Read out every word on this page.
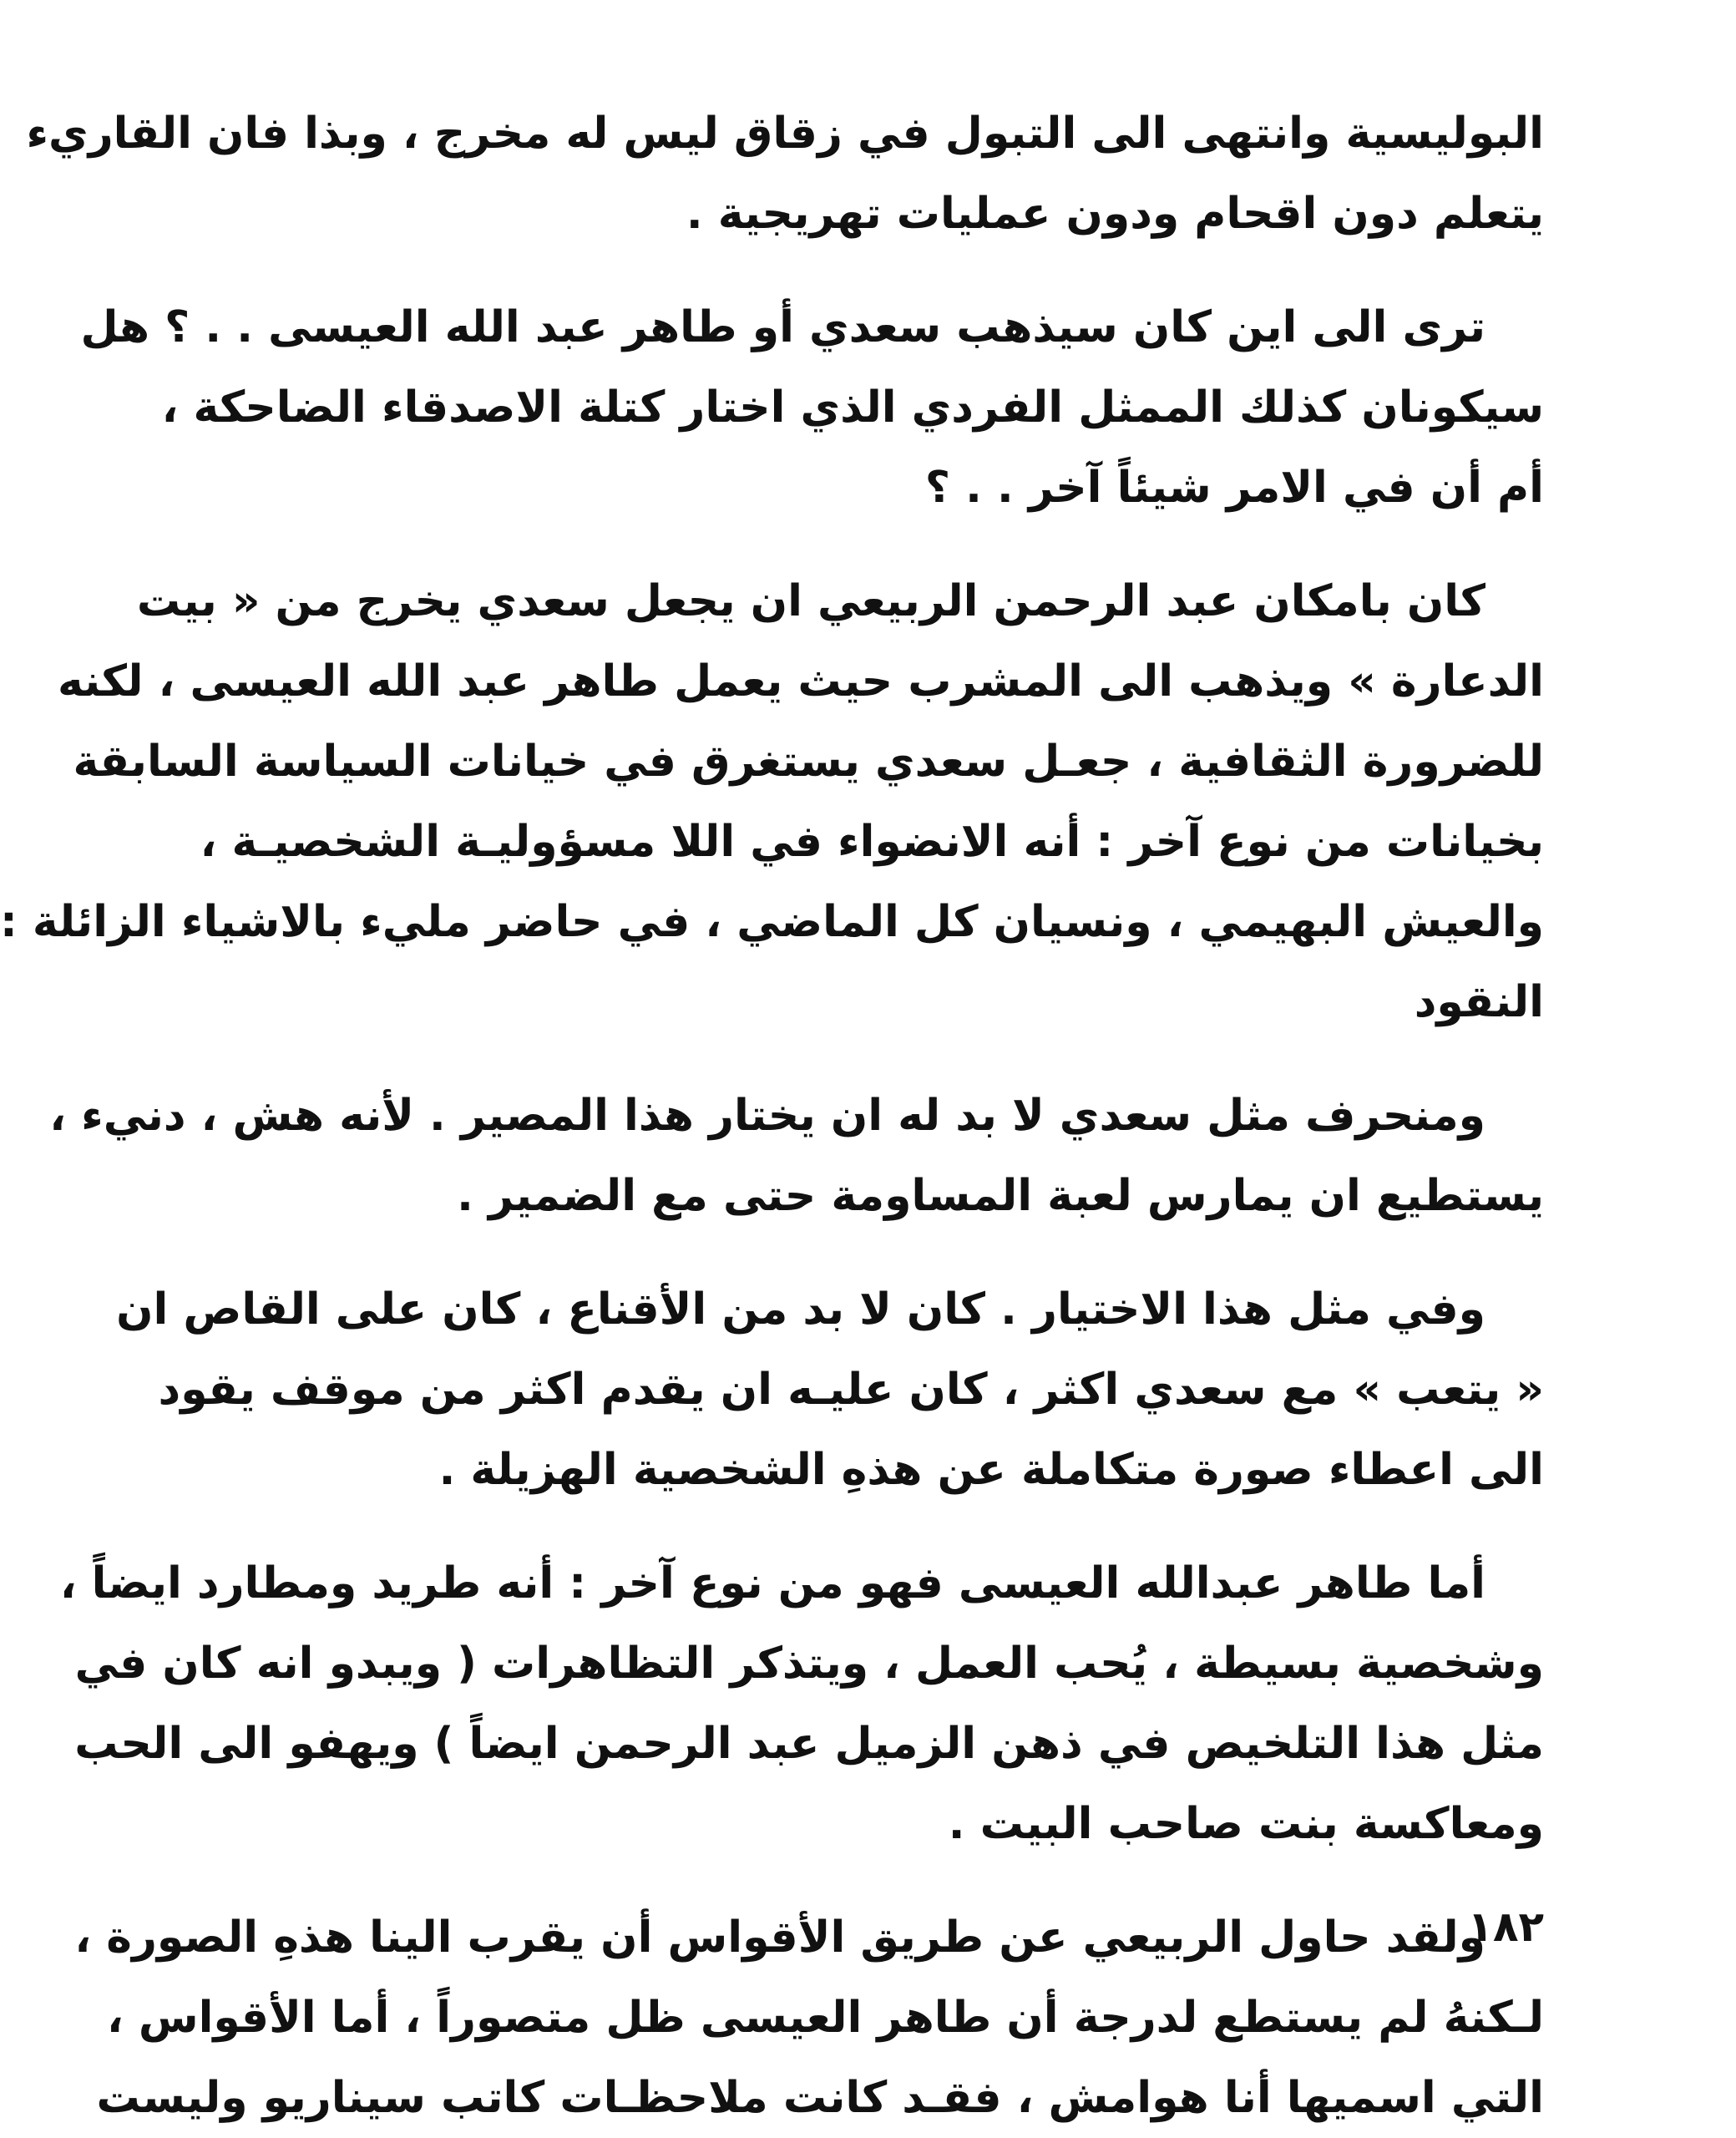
البوليسية وانتهى الى التبول في زقاق ليس له مخرج ، وبذا فان القاريء
يتعلم دون اقحام ودون عمليات تهريجية .
ترى الى اين كان سيذهب سعدي أو طاهر عبد الله العيسى . . ؟ هل
سيكونان كذلك الممثل الفردي الذي اختار كتلة الاصدقاء الضاحكة ،
أم أن في الامر شيئاً آخر . . ؟
كان بامكان عبد الرحمن الربيعي ان يجعل سعدي يخرج من « بيت
الدعارة » ويذهب الى المشرب حيث يعمل طاهر عبد الله العيسى ، لكنه
للضرورة الثقافية ، جعـل سعدي يستغرق في خيانات السياسة السابقة
بخيانات من نوع آخر : أنه الانضواء في اللا مسؤوليـة الشخصيـة ،
والعيش البهيمي ، ونسيان كل الماضي ، في حاضر مليء بالاشياء الزائلة :
النقود
ومنحرف مثل سعدي لا بد له ان يختار هذا المصير . لأنه هش ، دنيء ،
يستطيع ان يمارس لعبة المساومة حتى مع الضمير .
وفي مثل هذا الاختيار . كان لا بد من الأقناع ، كان على القاص ان
« يتعب » مع سعدي اكثر ، كان عليـه ان يقدم اكثر من موقف يقود
الى اعطاء صورة متكاملة عن هذهِ الشخصية الهزيلة .
أما طاهر عبدالله العيسى فهو من نوع آخر : أنه طريد ومطارد ايضاً ،
وشخصية بسيطة ، يُحب العمل ، ويتذكر التظاهرات ( ويبدو انه كان في
مثل هذا التلخيص في ذهن الزميل عبد الرحمن ايضاً ) ويهفو الى الحب
ومعاكسة بنت صاحب البيت .
ولقد حاول الربيعي عن طريق الأقواس أن يقرب الينا هذهِ الصورة ،
لـكنهُ لم يستطع لدرجة أن طاهر العيسى ظل متصوراً ، أما الأقواس ،
التي اسميها أنا هوامش ، فقـد كانت ملاحظـات كاتب سيناريو وليست
١٨٢
